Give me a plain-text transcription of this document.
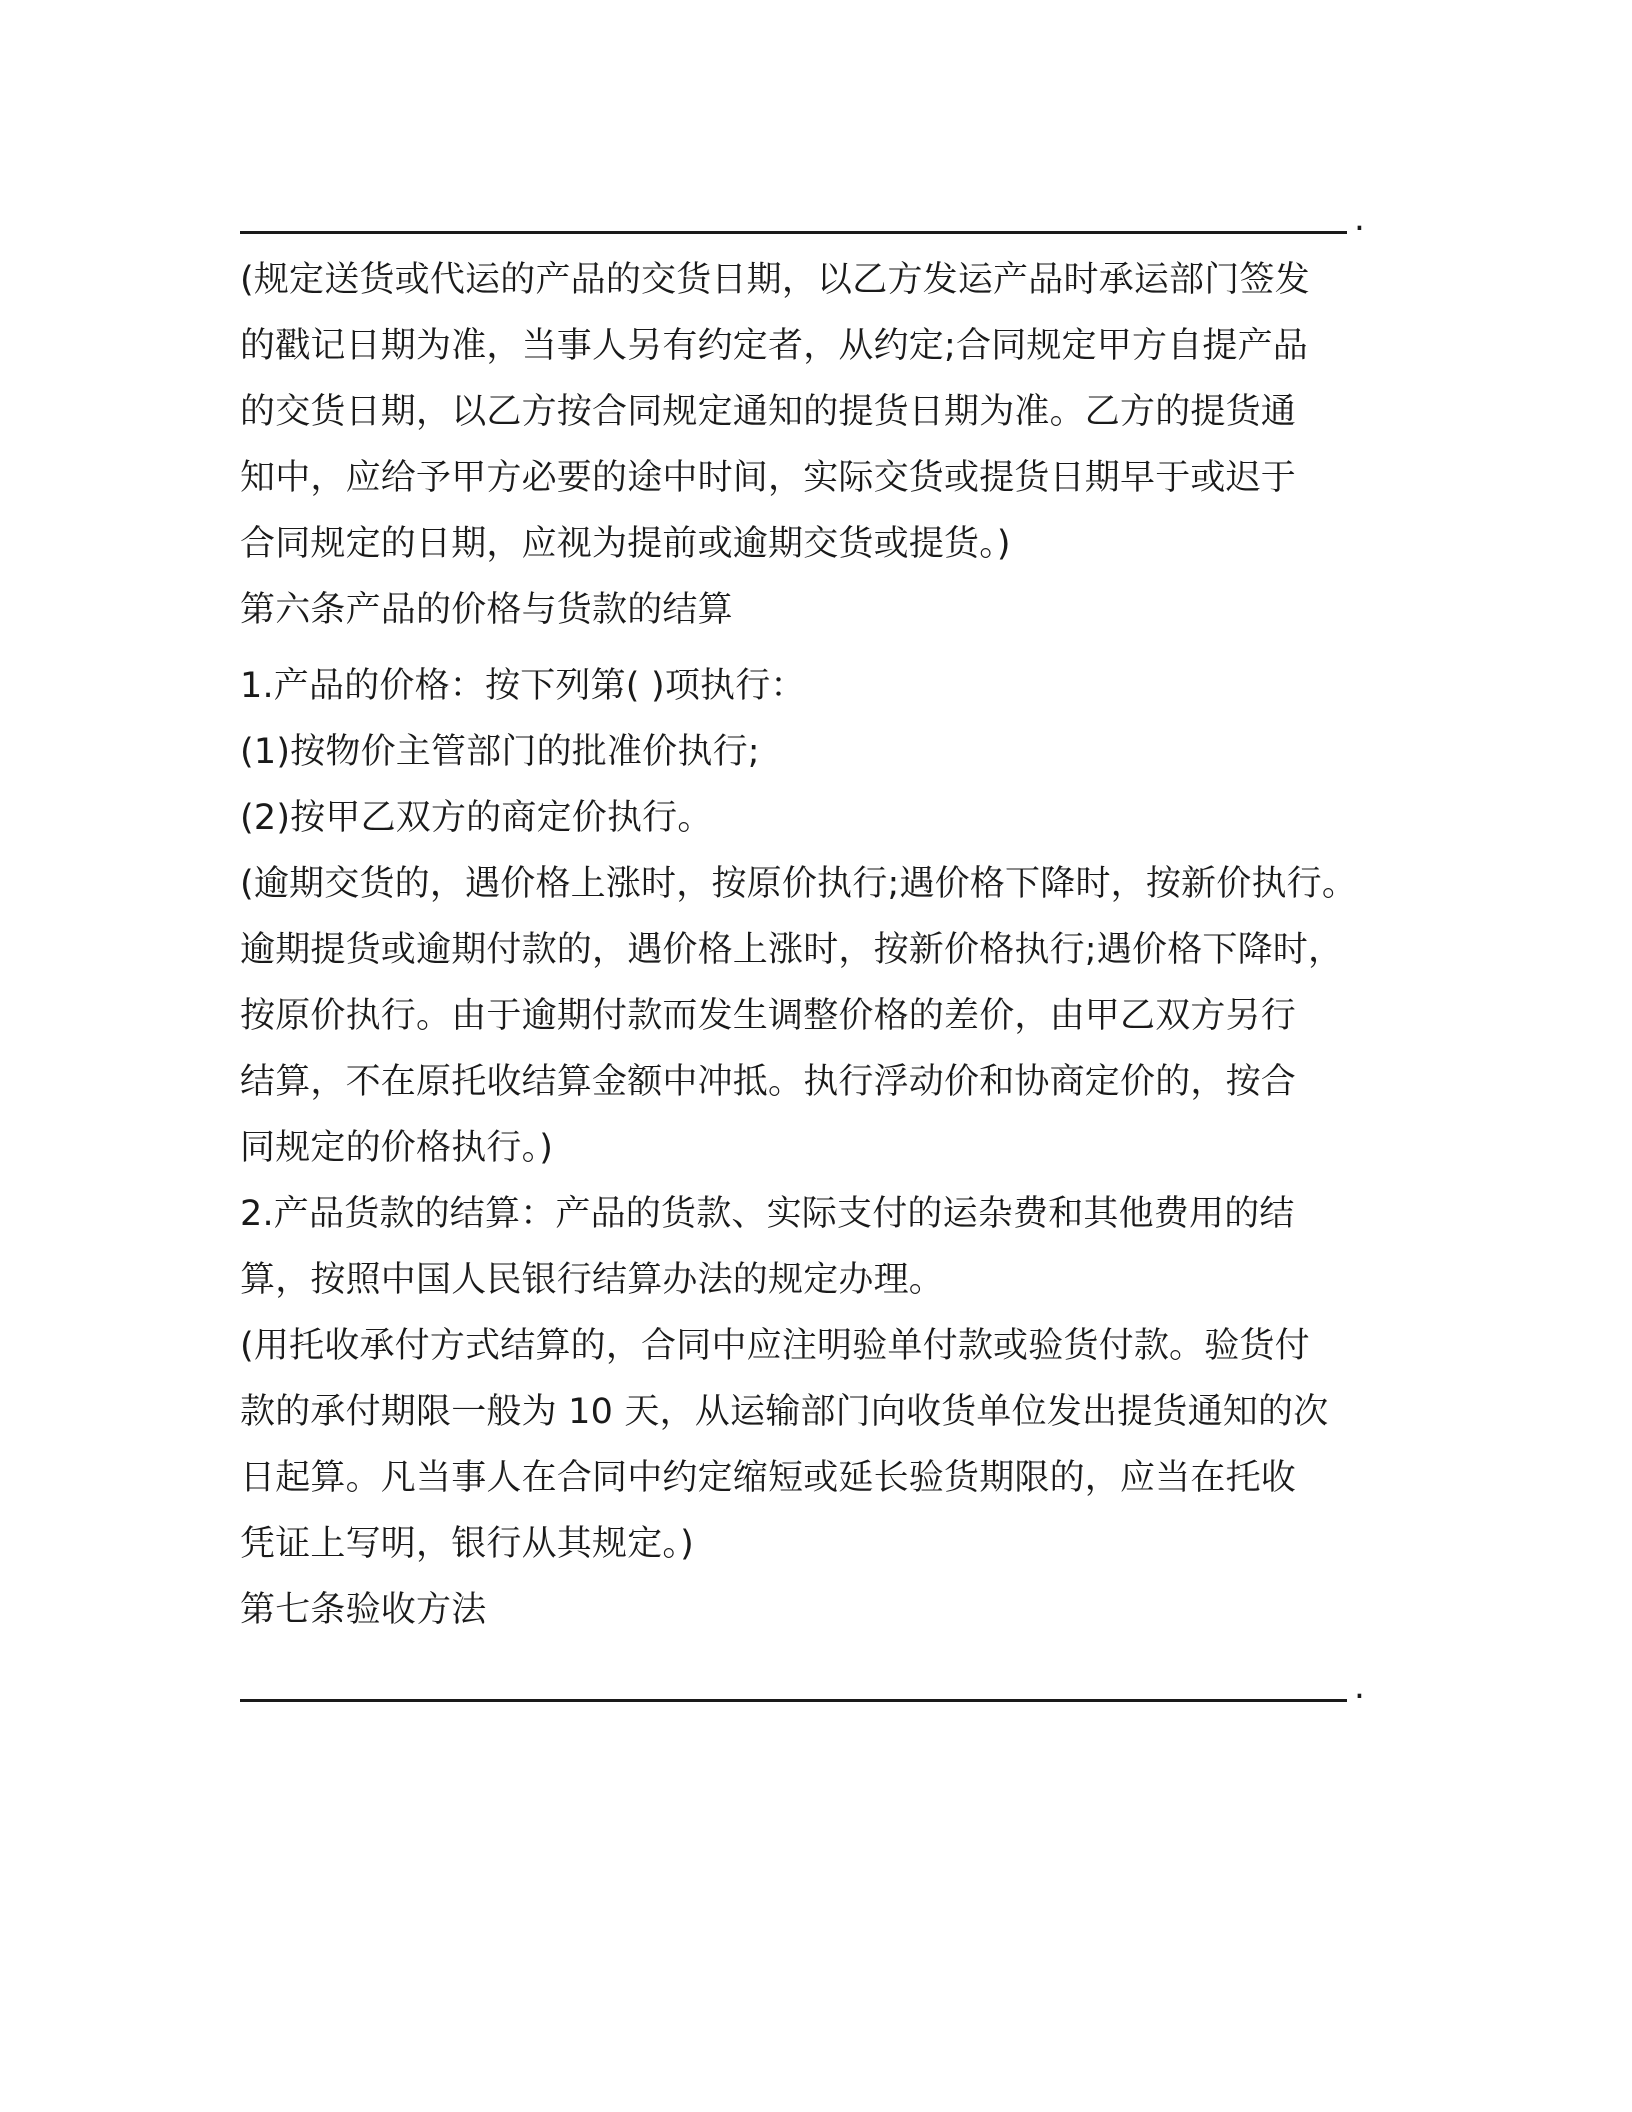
.
(规定送货或代运的产品的交货日期，以乙方发运产品时承运部门签发
的戳记日期为准，当事人另有约定者，从约定;合同规定甲方自提产品
的交货日期，以乙方按合同规定通知的提货日期为准。乙方的提货通
知中，应给予甲方必要的途中时间，实际交货或提货日期早于或迟于
合同规定的日期，应视为提前或逾期交货或提货。)
第六条产品的价格与货款的结算
1.产品的价格：按下列第( )项执行：
(1)按物价主管部门的批准价执行;
(2)按甲乙双方的商定价执行。
(逾期交货的，遇价格上涨时，按原价执行;遇价格下降时，按新价执行。
逾期提货或逾期付款的，遇价格上涨时，按新价格执行;遇价格下降时，
按原价执行。由于逾期付款而发生调整价格的差价，由甲乙双方另行
结算，不在原托收结算金额中冲抵。执行浮动价和协商定价的，按合
同规定的价格执行。)
2.产品货款的结算：产品的货款、实际支付的运杂费和其他费用的结
算，按照中国人民银行结算办法的规定办理。
(用托收承付方式结算的，合同中应注明验单付款或验货付款。验货付
款的承付期限一般为 10 天，从运输部门向收货单位发出提货通知的次
日起算。凡当事人在合同中约定缩短或延长验货期限的，应当在托收
凭证上写明，银行从其规定。)
第七条验收方法
.
